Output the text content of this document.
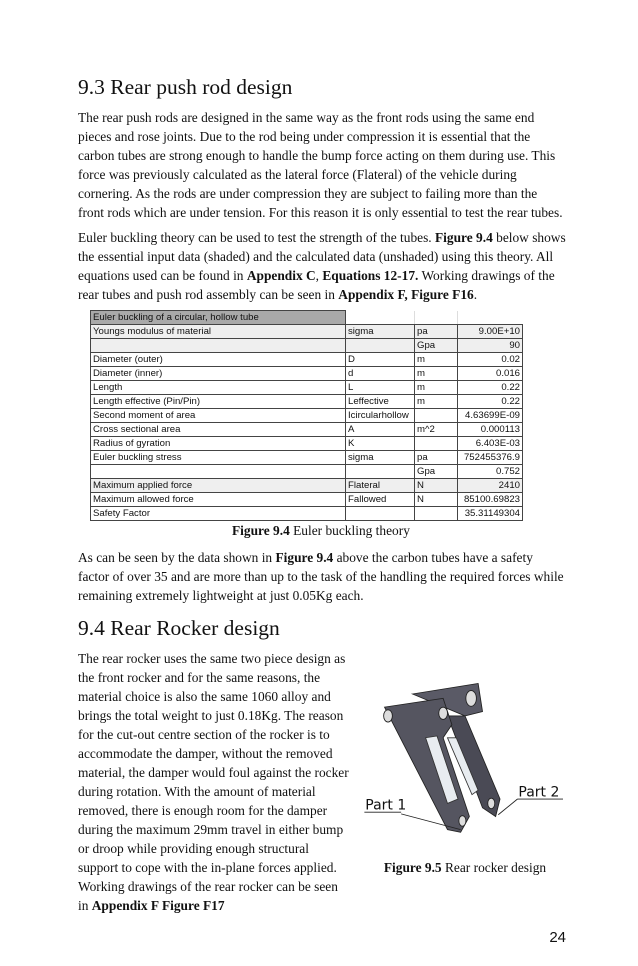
9.3 Rear push rod design

The rear push rods are designed in the same way as the front rods using the same end pieces and rose joints. Due to the rod being under compression it is essential that the carbon tubes are strong enough to handle the bump force acting on them during use. This force was previously calculated as the lateral force (Flateral) of the vehicle during cornering. As the rods are under compression they are subject to failing more than the front rods which are under tension. For this reason it is only essential to test the rear tubes.

Euler buckling theory can be used to test the strength of the tubes. Figure 9.4 below shows the essential input data (shaded) and the calculated data (unshaded) using this theory. All equations used can be found in Appendix C, Equations 12-17. Working drawings of the rear tubes and push rod assembly can be seen in Appendix F, Figure F16.

Euler buckling of a circular, hollow tube			
Youngs modulus of material	sigma	pa	9.00E+10
		Gpa	90
Diameter (outer)	D	m	0.02
Diameter (inner)	d	m	0.016
Length	L	m	0.22
Length effective (Pin/Pin)	Leffective	m	0.22
Second moment of area	Icircularhollow		4.63699E-09
Cross sectional area	A	m^2	0.000113
Radius of gyration	K		6.403E-03
Euler buckling stress	sigma	pa	752455376.9
		Gpa	0.752
Maximum applied force	Flateral	N	2410
Maximum allowed force	Fallowed	N	85100.69823
Safety Factor			35.31149304
Figure 9.4 Euler buckling theory

As can be seen by the data shown in Figure 9.4 above the carbon tubes have a safety factor of over 35 and are more than up to the task of the handling the required forces while remaining extremely lightweight at just 0.05Kg each.

9.4 Rear Rocker design

The rear rocker uses the same two piece design as the front rocker and for the same reasons, the material choice is also the same 1060 alloy and brings the total weight to just 0.18Kg. The reason for the cut-out centre section of the rocker is to accommodate the damper, without the removed material, the damper would foul against the rocker during rotation. With the amount of material removed, there is enough room for the damper during the maximum 29mm travel in either bump or droop while providing enough structural support to cope with the in-plane forces applied. Working drawings of the rear rocker can be seen in Appendix F Figure F17

Part 1
Part 2
Figure 9.5 Rear rocker design
24
